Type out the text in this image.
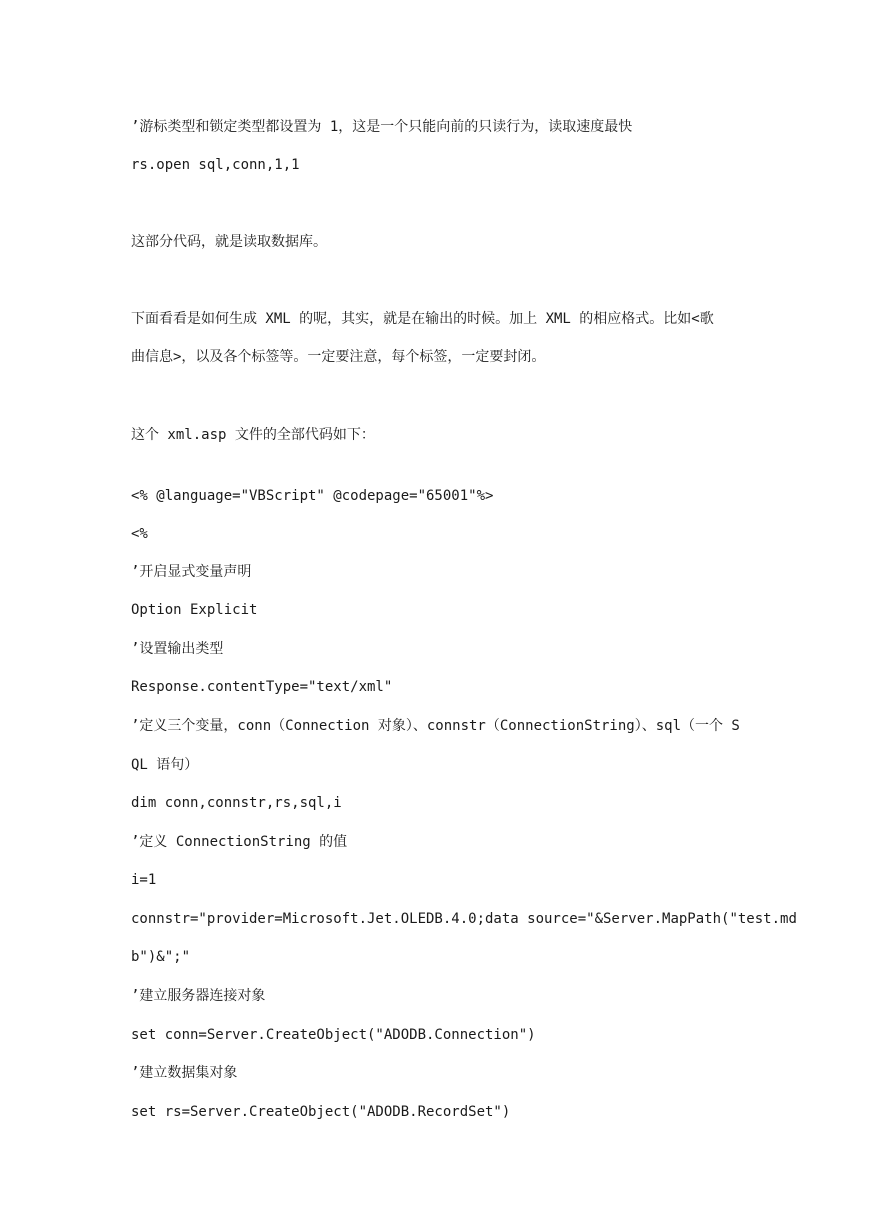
’游标类型和锁定类型都设置为 1，这是一个只能向前的只读行为，读取速度最快
rs.open sql,conn,1,1
这部分代码，就是读取数据库。
下面看看是如何生成 XML 的呢，其实，就是在输出的时候。加上 XML 的相应格式。比如<歌
曲信息>，以及各个标签等。一定要注意，每个标签，一定要封闭。
这个 xml.asp 文件的全部代码如下：
<% @language="VBScript" @codepage="65001"%>
<%
’开启显式变量声明
Option Explicit
’设置输出类型
Response.contentType="text/xml"
’定义三个变量，conn（Connection 对象）、connstr（ConnectionString）、sql（一个 S
QL 语句）
dim conn,connstr,rs,sql,i
’定义 ConnectionString 的值
i=1
connstr="provider=Microsoft.Jet.OLEDB.4.0;data source="&Server.MapPath("test.md
b")&";"
’建立服务器连接对象
set conn=Server.CreateObject("ADODB.Connection")
’建立数据集对象
set rs=Server.CreateObject("ADODB.RecordSet")
